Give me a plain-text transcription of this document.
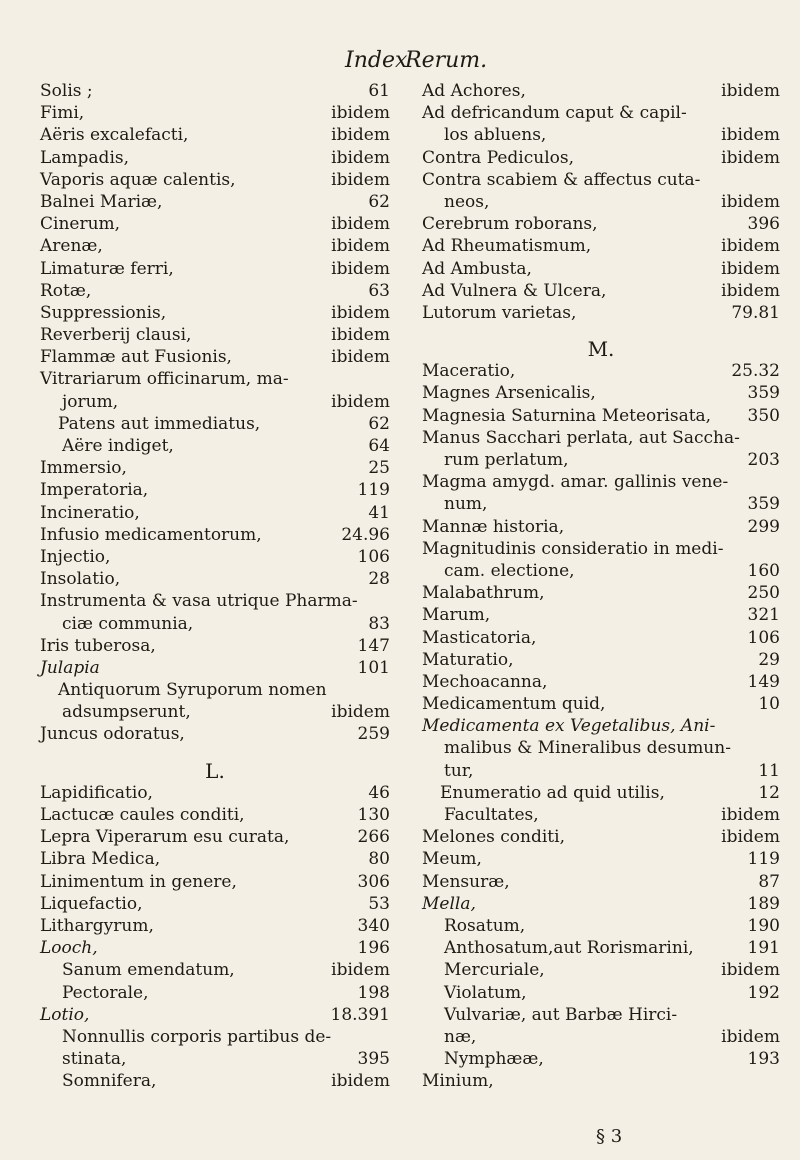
Index
Rerum.
Solis ;	61
Fimi,	ibidem
Aëris excalefacti,	ibidem
Lampadis,	ibidem
Vaporis aquæ calentis,	ibidem
Balnei Mariæ,	62
Cinerum,	ibidem
Arenæ,	ibidem
Limaturæ ferri,	ibidem
Rotæ,	63
Suppressionis,	ibidem
Reverberij clausi,	ibidem
Flammæ aut Fusionis,	ibidem
Vitrariarum officinarum, ma-
jorum,	ibidem
Patens aut immediatus,	62
Aëre indiget,	64
Immersio,	25
Imperatoria,	119
Incineratio,	41
Infusio medicamentorum,	24.96
Injectio,	106
Insolatio,	28
Instrumenta & vasa utrique Pharma-
ciæ communia,	83
Iris tuberosa,	147
Julapia	101
Antiquorum Syruporum nomen
adsumpserunt,	ibidem
Juncus odoratus,	259
L.
Lapidificatio,	46
Lactucæ caules conditi,	130
Lepra Viperarum esu curata,	266
Libra Medica,	80
Linimentum in genere,	306
Liquefactio,	53
Lithargyrum,	340
Looch,	196
Sanum emendatum,	ibidem
Pectorale,	198
Lotio,	18.391
Nonnullis corporis partibus de-
stinata,	395
Somnifera,	ibidem
Ad Achores,	ibidem
Ad defricandum caput & capil-
los abluens,	ibidem
Contra Pediculos,	ibidem
Contra scabiem & affectus cuta-
neos,	ibidem
Cerebrum roborans,	396
Ad Rheumatismum,	ibidem
Ad Ambusta,	ibidem
Ad Vulnera & Ulcera,	ibidem
Lutorum varietas,	79.81
M.
Maceratio,	25.32
Magnes Arsenicalis,	359
Magnesia Saturnina Meteorisata, 350
Manus Sacchari perlata, aut Saccha-
rum perlatum,	203
Magma amygd. amar. gallinis vene-
num,	359
Mannæ historia,	299
Magnitudinis consideratio in medi-
cam. electione,	160
Malabathrum,	250
Marum,	321
Masticatoria,	106
Maturatio,	29
Mechoacanna,	149
Medicamentum quid,	10
Medicamenta ex Vegetalibus, Ani-
malibus & Mineralibus desumun-
tur,	11
Enumeratio ad quid utilis,	12
Facultates,	ibidem
Melones conditi,	ibidem
Meum,	119
Mensuræ,	87
Mella,	189
Rosatum,	190
Anthosatum,aut Rorismarini,	191
Mercuriale,	ibidem
Violatum,	192
Vulvariæ, aut Barbæ Hirci-
næ,	ibidem
Nymphææ,	193
Minium,
§ 3
